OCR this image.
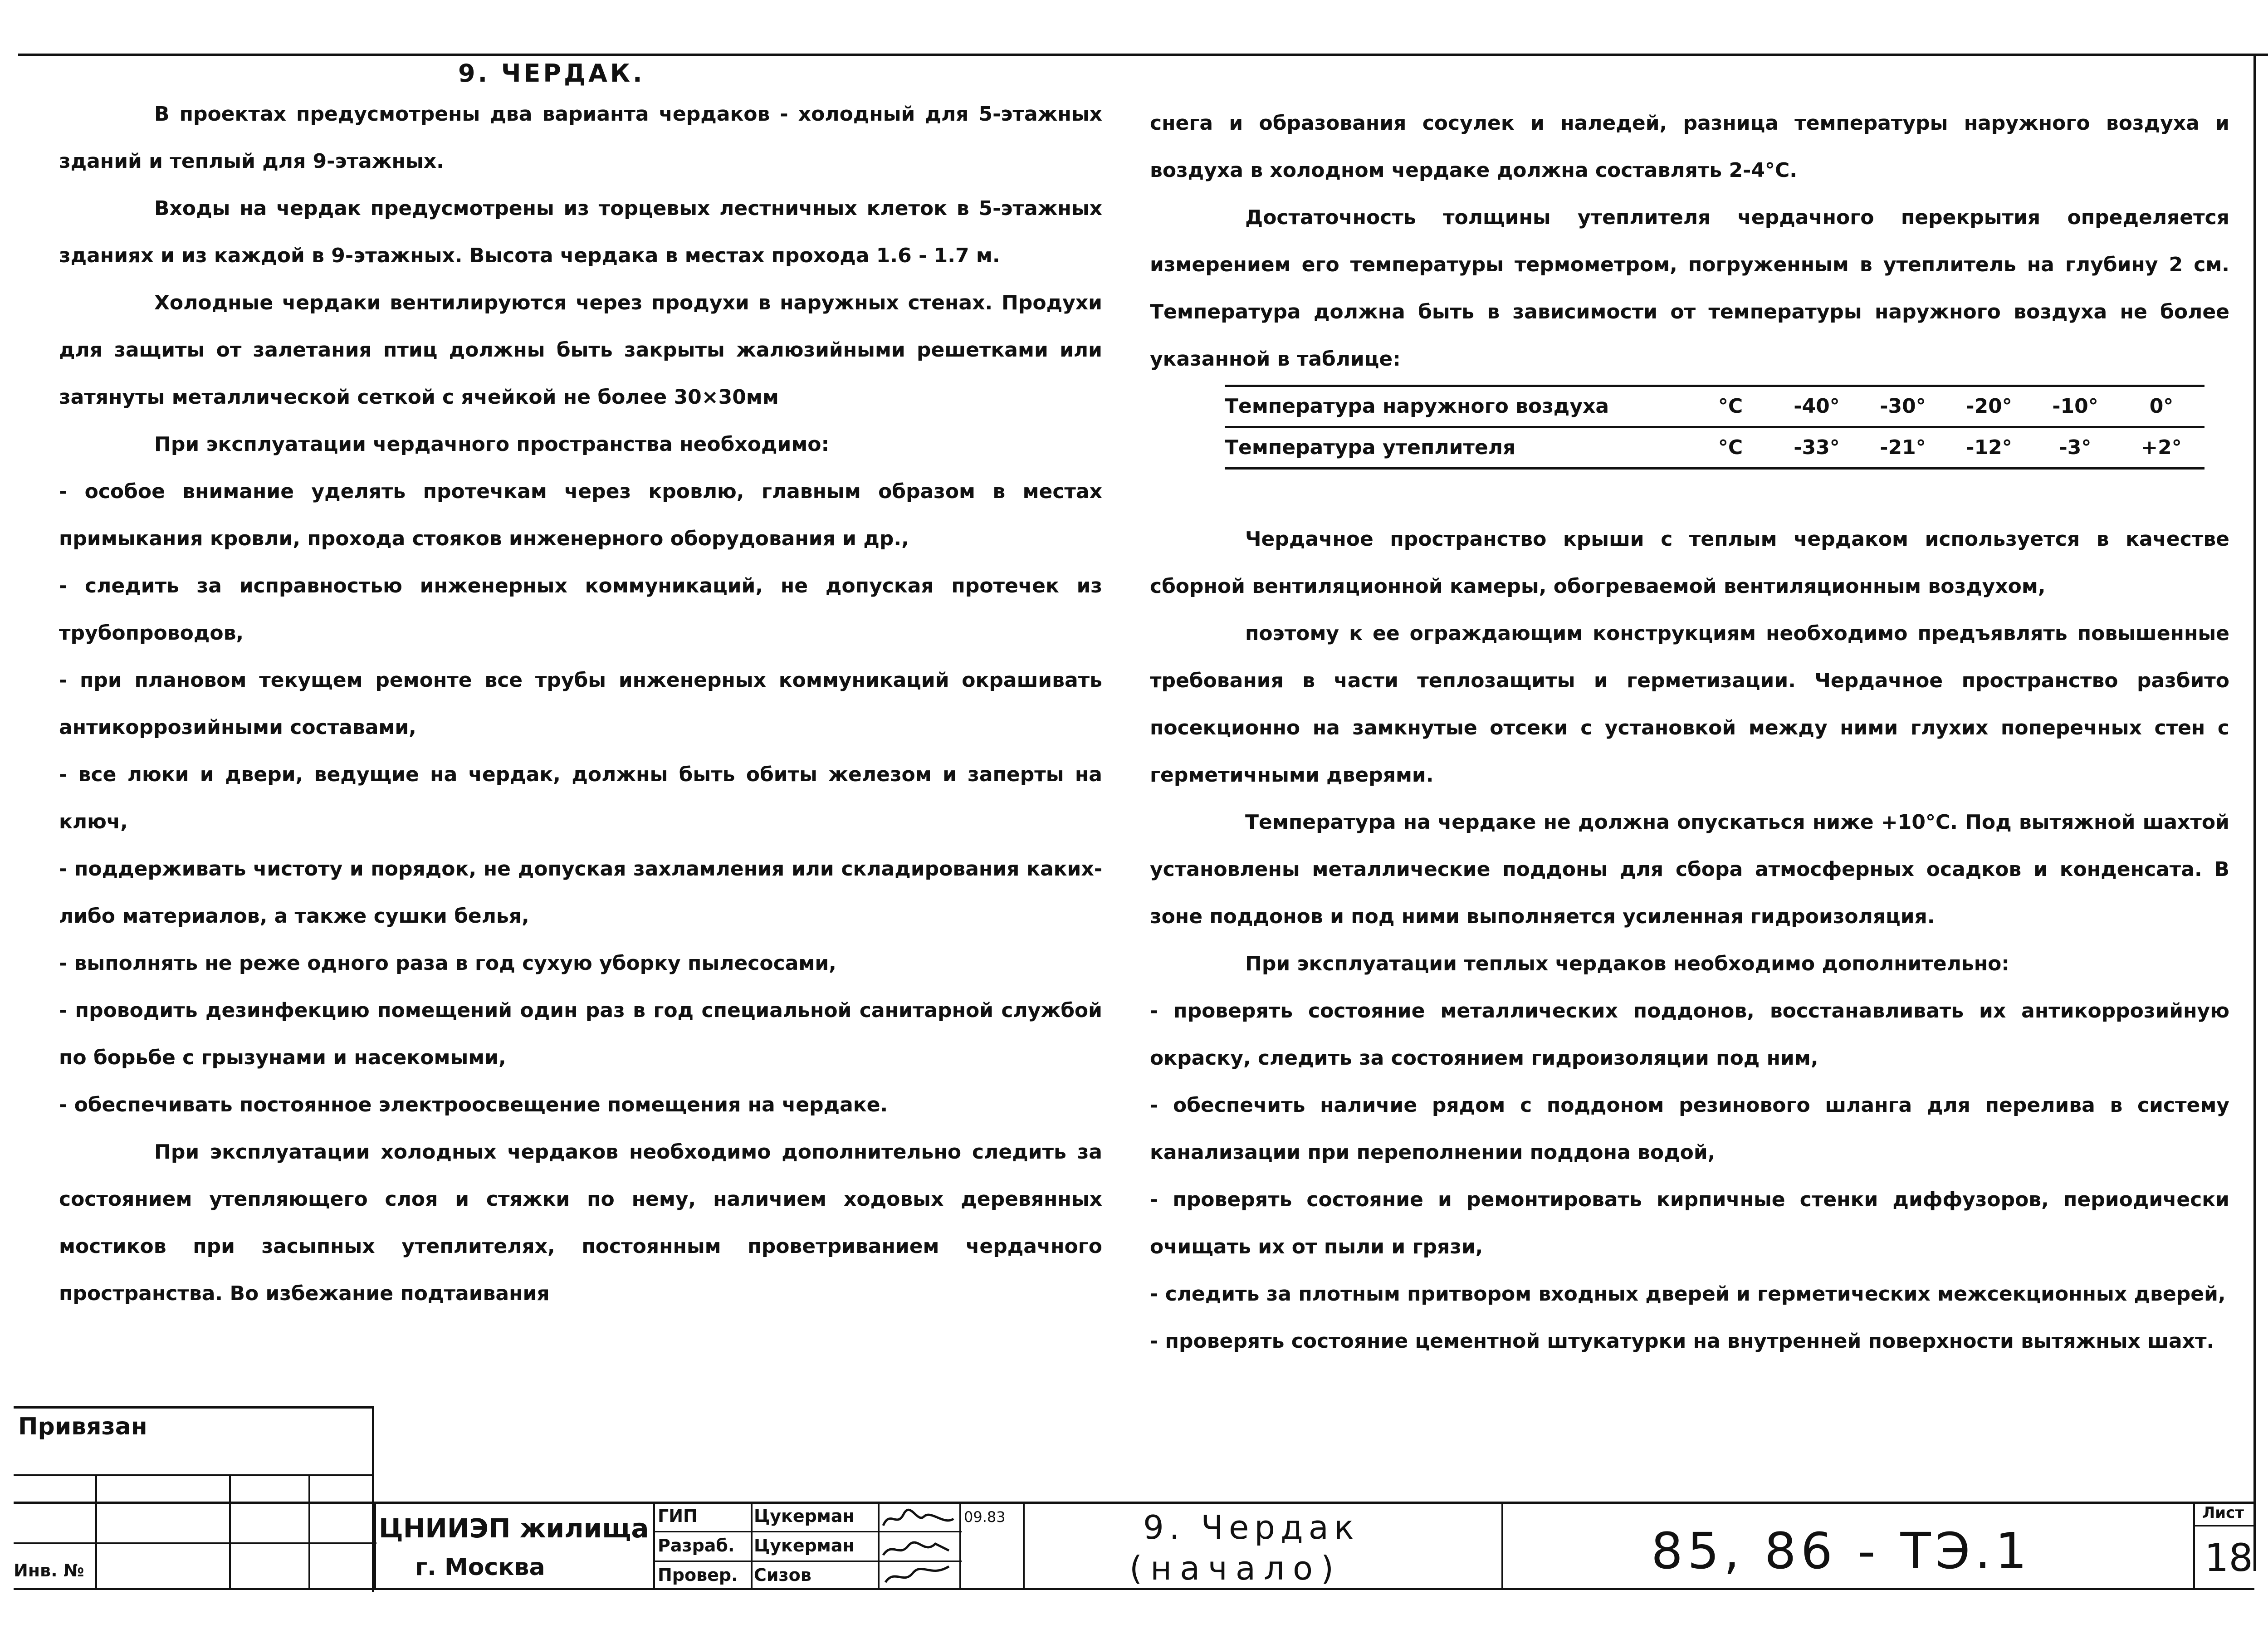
9. ЧЕРДАК.

В проектах предусмотрены два варианта чердаков - холодный для 5-этажных зданий и теплый для 9-этажных.

Входы на чердак предусмотрены из торцевых лестничных клеток в 5-этажных зданиях и из каждой в 9-этажных. Высота чердака в местах прохода 1.6 - 1.7 м.

Холодные чердаки вентилируются через продухи в наружных стенах. Продухи для защиты от залетания птиц должны быть закрыты жалюзийными решетками или затянуты металлической сеткой с ячейкой не более 30×30мм

При эксплуатации чердачного пространства необходимо:

- особое внимание уделять протечкам через кровлю, главным образом в местах примыкания кровли, прохода стояков инженерного оборудования и др.,

- следить за исправностью инженерных коммуникаций, не допуская протечек из трубопроводов,

- при плановом текущем ремонте все трубы инженерных коммуникаций окрашивать антикоррозийными составами,

- все люки и двери, ведущие на чердак, должны быть обиты железом и заперты на ключ,

- поддерживать чистоту и порядок, не допуская захламления или складирования каких-либо материалов, а также сушки белья,

- выполнять не реже одного раза в год сухую уборку пылесосами,

- проводить дезинфекцию помещений один раз в год специальной санитарной службой по борьбе с грызунами и насекомыми,

- обеспечивать постоянное электроосвещение помещения на чердаке.

При эксплуатации холодных чердаков необходимо дополнительно следить за состоянием утепляющего слоя и стяжки по нему, наличием ходовых деревянных мостиков при засыпных утеплителях, постоянным проветриванием чердачного пространства. Во избежание подтаивания

снега и образования сосулек и наледей, разница температуры наружного воздуха и воздуха в холодном чердаке должна составлять 2-4°С.

Достаточность толщины утеплителя чердачного перекрытия определяется измерением его температуры термометром, погруженным в утеплитель на глубину 2 см. Температура должна быть в зависимости от температуры наружного воздуха не более указанной в таблице:

Температура наружного воздуха	°С	-40°	-30°	-20°	-10°	0°
Температура утеплителя	°С	-33°	-21°	-12°	-3°	+2°

Чердачное пространство крыши с теплым чердаком используется в качестве сборной вентиляционной камеры, обогреваемой вентиляционным воздухом,

поэтому к ее ограждающим конструкциям необходимо предъявлять повышенные требования в части теплозащиты и герметизации. Чердачное пространство разбито посекционно на замкнутые отсеки с установкой между ними глухих поперечных стен с герметичными дверями.

Температура на чердаке не должна опускаться ниже +10°С. Под вытяжной шахтой установлены металлические поддоны для сбора атмосферных осадков и конденсата. В зоне поддонов и под ними выполняется усиленная гидроизоляция.

При эксплуатации теплых чердаков необходимо дополнительно:

- проверять состояние металлических поддонов, восстанавливать их антикоррозийную окраску, следить за состоянием гидроизоляции под ним,

- обеспечить наличие рядом с поддоном резинового шланга для перелива в систему канализации при переполнении поддона водой,

- проверять состояние и ремонтировать кирпичные стенки диффузоров, периодически очищать их от пыли и грязи,

- следить за плотным притвором входных дверей и герметических межсекционных дверей,

- проверять состояние цементной штукатурки на внутренней поверхности вытяжных шахт.

Привязан
Инв. №
ЦНИИЭП жилища
г. Москва
ГИП	Цукерман	09.83
Разраб. Цукерман
Провер. Сизов
9. Чердак
(начало)	85, 86 - ТЭ.1
Лист
18
